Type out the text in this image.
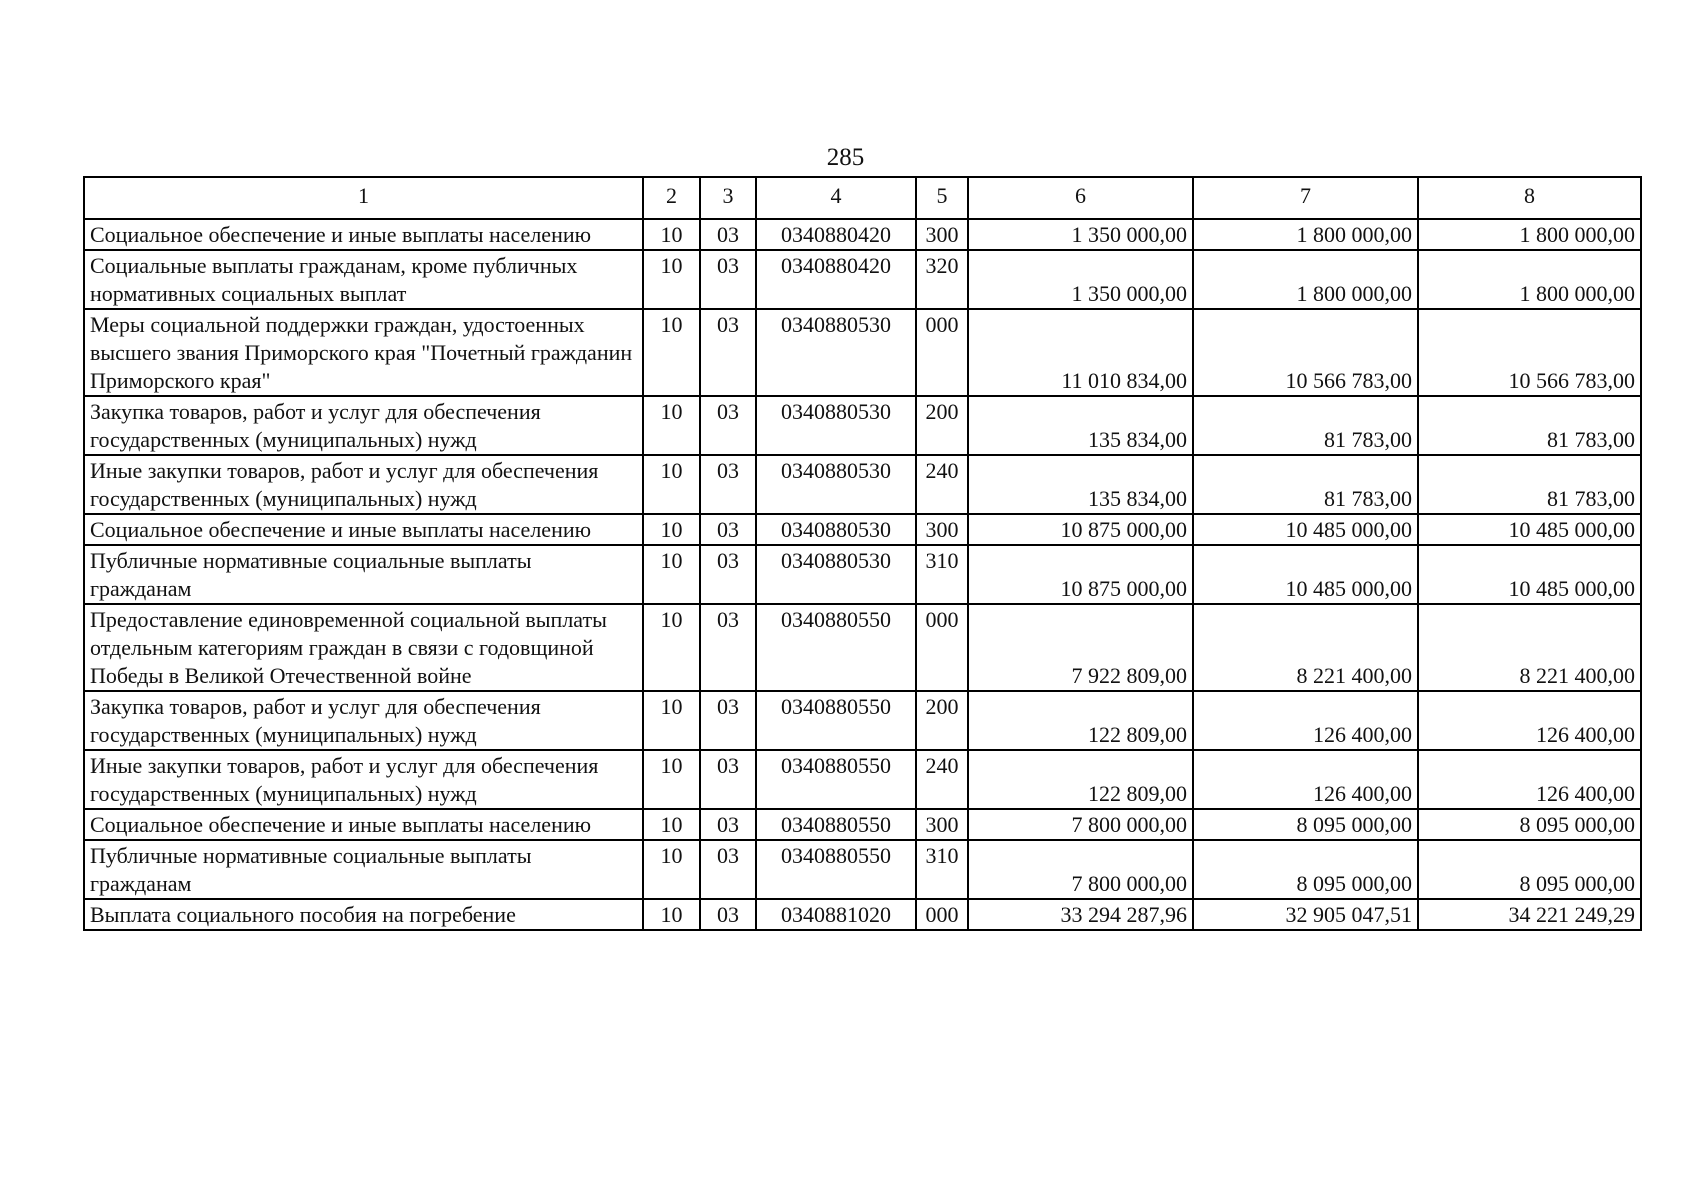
285
1	2	3	4	5	6	7	8
Социальное обеспечение и иные выплаты населению	10	03	0340880420	300	1 350 000,00	1 800 000,00	1 800 000,00
Социальные выплаты гражданам, кроме публичных нормативных социальных выплат	10	03	0340880420	320	1 350 000,00	1 800 000,00	1 800 000,00
Меры социальной поддержки граждан, удостоенных высшего звания Приморского края "Почетный гражданин Приморского края"	10	03	0340880530	000	11 010 834,00	10 566 783,00	10 566 783,00
Закупка товаров, работ и услуг для обеспечения государственных (муниципальных) нужд	10	03	0340880530	200	135 834,00	81 783,00	81 783,00
Иные закупки товаров, работ и услуг для обеспечения государственных (муниципальных) нужд	10	03	0340880530	240	135 834,00	81 783,00	81 783,00
Социальное обеспечение и иные выплаты населению	10	03	0340880530	300	10 875 000,00	10 485 000,00	10 485 000,00
Публичные нормативные социальные выплаты гражданам	10	03	0340880530	310	10 875 000,00	10 485 000,00	10 485 000,00
Предоставление единовременной социальной выплаты отдельным категориям граждан в связи с годовщиной Победы в Великой Отечественной войне	10	03	0340880550	000	7 922 809,00	8 221 400,00	8 221 400,00
Закупка товаров, работ и услуг для обеспечения государственных (муниципальных) нужд	10	03	0340880550	200	122 809,00	126 400,00	126 400,00
Иные закупки товаров, работ и услуг для обеспечения государственных (муниципальных) нужд	10	03	0340880550	240	122 809,00	126 400,00	126 400,00
Социальное обеспечение и иные выплаты населению	10	03	0340880550	300	7 800 000,00	8 095 000,00	8 095 000,00
Публичные нормативные социальные выплаты гражданам	10	03	0340880550	310	7 800 000,00	8 095 000,00	8 095 000,00
Выплата социального пособия на погребение	10	03	0340881020	000	33 294 287,96	32 905 047,51	34 221 249,29
